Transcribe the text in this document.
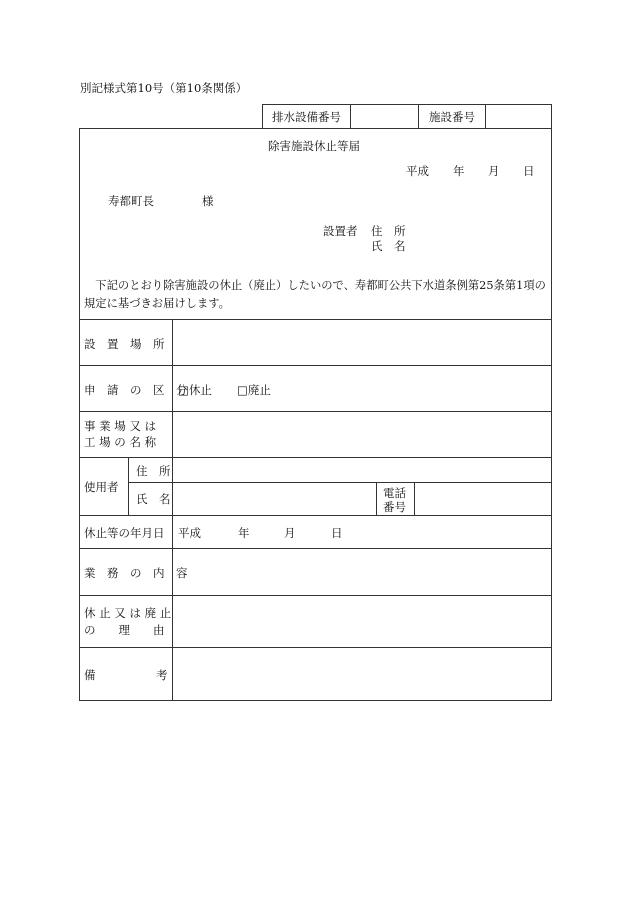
別記様式第10号（第10条関係）
排水設備番号	施設番号
除害施設休止等届
平成 年 月 日
寿都町長	様
設置者 住　所
氏　名
　下記のとおり除害施設の休止（廃止）したいので、寿都町公共下水道条例第25条第1項の規定に基づきお届けします。
設　置　場　所
申　請　の　区　分
□休止 □廃止
事 業 場 又 は
工 場 の 名 称
使用者
住　所
氏　名	電話
番号
休止等の年月日 平成	年	月	日
業　務　の　内　容
休 止 又 は 廃 止
の　　理　　由
備	考
